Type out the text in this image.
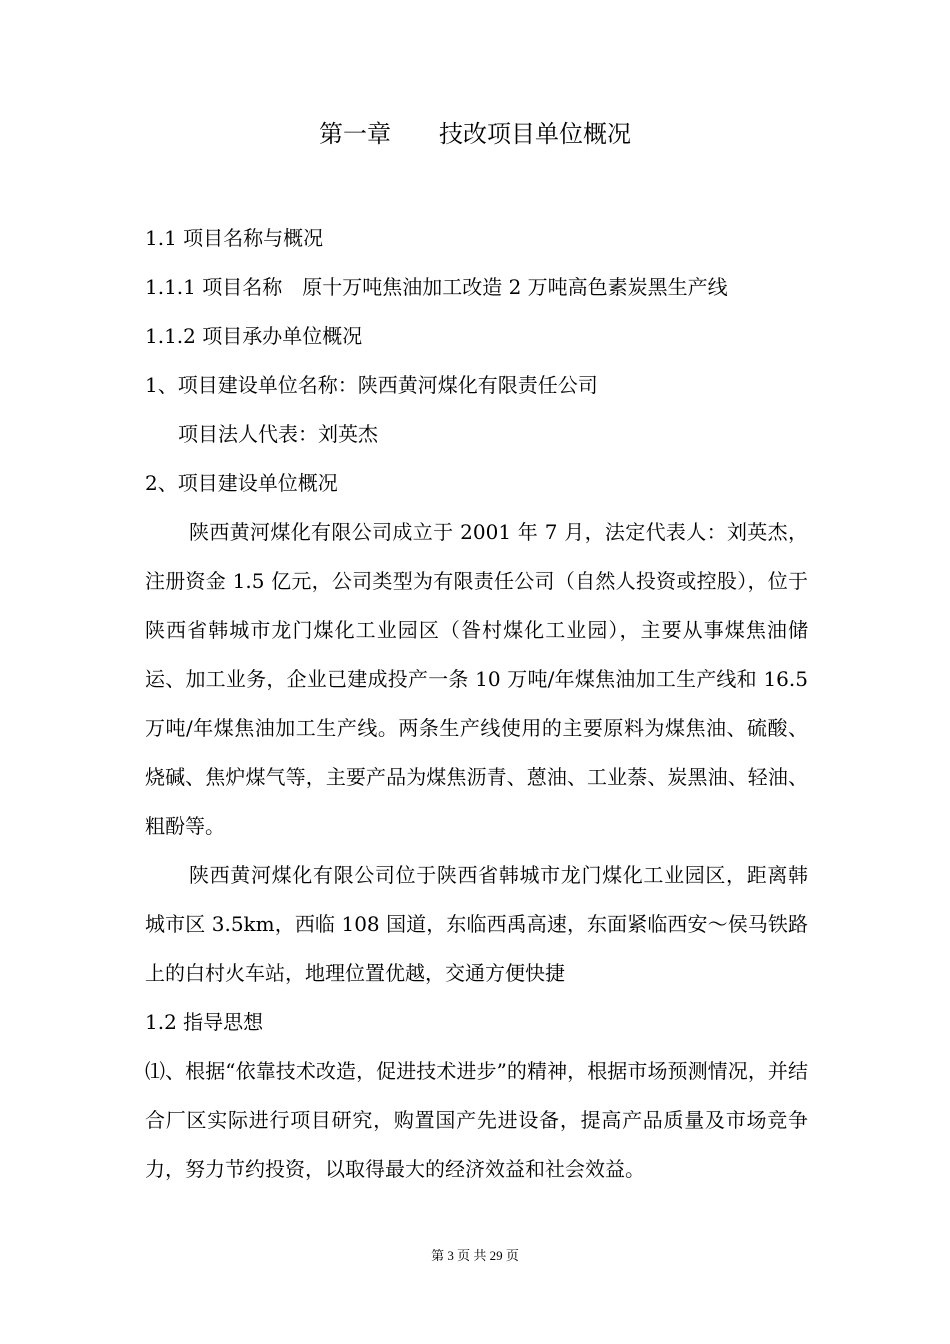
第一章 技改项目单位概况

1.1 项目名称与概况

1.1.1 项目名称　原十万吨焦油加工改造 2 万吨高色素炭黑生产线

1.1.2 项目承办单位概况

1、项目建设单位名称：陕西黄河煤化有限责任公司

项目法人代表：刘英杰

2、项目建设单位概况

陕西黄河煤化有限公司成立于 2001 年 7 月，法定代表人：刘英杰，注册资金 1.5 亿元，公司类型为有限责任公司（自然人投资或控股），位于陕西省韩城市龙门煤化工业园区（昝村煤化工业园），主要从事煤焦油储运、加工业务，企业已建成投产一条 10 万吨/年煤焦油加工生产线和 16.5 万吨/年煤焦油加工生产线。两条生产线使用的主要原料为煤焦油、硫酸、烧碱、焦炉煤气等，主要产品为煤焦沥青、蒽油、工业萘、炭黑油、轻油、粗酚等。

陕西黄河煤化有限公司位于陕西省韩城市龙门煤化工业园区，距离韩城市区 3.5km，西临 108 国道，东临西禹高速，东面紧临西安～侯马铁路上的白村火车站，地理位置优越，交通方便快捷

1.2 指导思想

⑴、根据“依靠技术改造，促进技术进步”的精神，根据市场预测情况，并结合厂区实际进行项目研究，购置国产先进设备，提高产品质量及市场竞争力，努力节约投资，以取得最大的经济效益和社会效益。

第 3 页 共 29 页
